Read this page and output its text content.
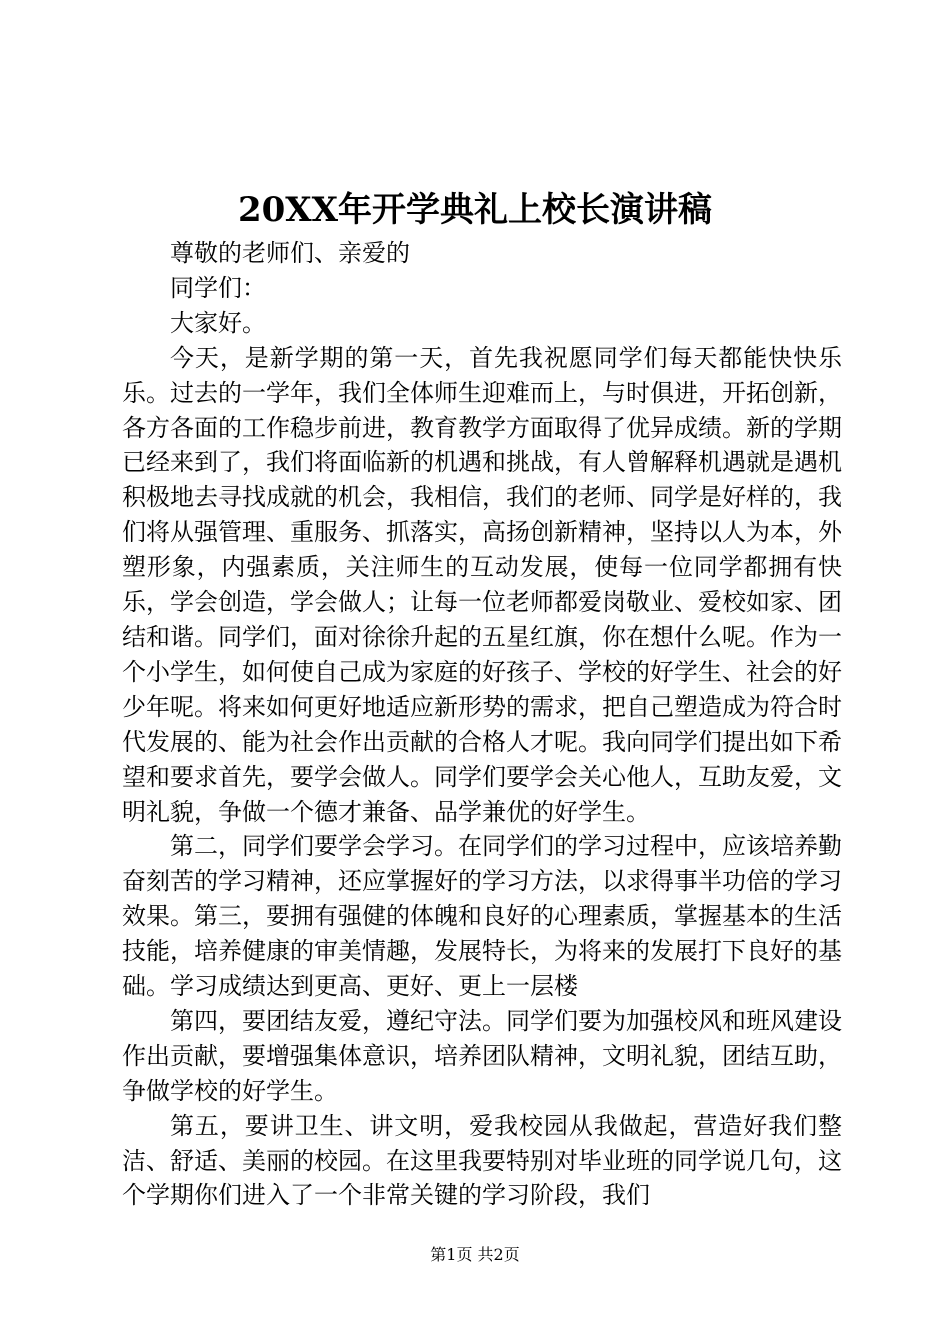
20XX年开学典礼上校长演讲稿

尊敬的老师们、亲爱的

同学们：

大家好。

今天，是新学期的第一天，首先我祝愿同学们每天都能快快乐乐。过去的一学年，我们全体师生迎难而上，与时俱进，开拓创新，各方各面的工作稳步前进，教育教学方面取得了优异成绩。新的学期已经来到了，我们将面临新的机遇和挑战，有人曾解释机遇就是遇机积极地去寻找成就的机会，我相信，我们的老师、同学是好样的，我们将从强管理、重服务、抓落实，高扬创新精神，坚持以人为本，外塑形象，内强素质，关注师生的互动发展，使每一位同学都拥有快乐，学会创造，学会做人；让每一位老师都爱岗敬业、爱校如家、团结和谐。同学们，面对徐徐升起的五星红旗，你在想什么呢。作为一个小学生，如何使自己成为家庭的好孩子、学校的好学生、社会的好少年呢。将来如何更好地适应新形势的需求，把自己塑造成为符合时代发展的、能为社会作出贡献的合格人才呢。我向同学们提出如下希望和要求首先，要学会做人。同学们要学会关心他人，互助友爱，文明礼貌，争做一个德才兼备、品学兼优的好学生。

第二，同学们要学会学习。在同学们的学习过程中，应该培养勤奋刻苦的学习精神，还应掌握好的学习方法，以求得事半功倍的学习效果。第三，要拥有强健的体魄和良好的心理素质，掌握基本的生活技能，培养健康的审美情趣，发展特长，为将来的发展打下良好的基础。学习成绩达到更高、更好、更上一层楼

第四，要团结友爱，遵纪守法。同学们要为加强校风和班风建设作出贡献，要增强集体意识，培养团队精神，文明礼貌，团结互助，争做学校的好学生。

第五，要讲卫生、讲文明，爱我校园从我做起，营造好我们整洁、舒适、美丽的校园。在这里我要特别对毕业班的同学说几句，这个学期你们进入了一个非常关键的学习阶段，我们

第1页 共2页
